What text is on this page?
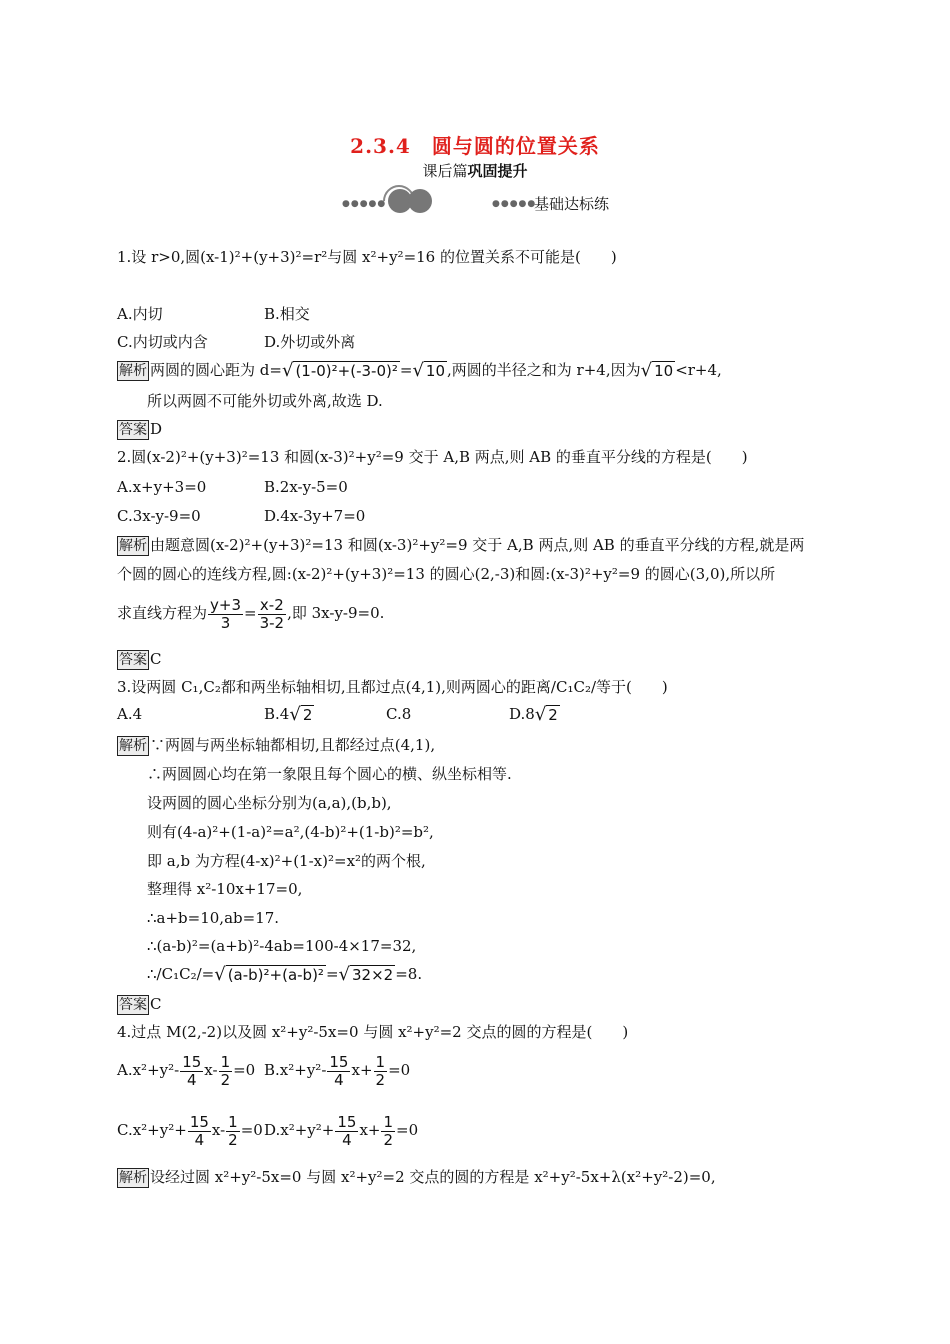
2.3.4　圆与圆的位置关系
课后篇巩固提升
●●●●●	●●●●●
基础达标练
1.设 r>0,圆(x-1)²+(y+3)²=r²与圆 x²+y²=16 的位置关系不可能是(　　)
A.内切	B.相交
C.内切或内含	D.外切或外离
解析 两圆的圆心距为 d=√ (1-0)²+(-3-0)² =√ 10 ,两圆的半径之和为 r+4,因为√ 10 <r+4,
所以两圆不可能外切或外离,故选 D.
答案 D
2.圆(x-2)²+(y+3)²=13 和圆(x-3)²+y²=9 交于 A,B 两点,则 AB 的垂直平分线的方程是(　　)
A.x+y+3=0	B.2x-y-5=0
C.3x-y-9=0	D.4x-3y+7=0
解析 由题意圆(x-2)²+(y+3)²=13 和圆(x-3)²+y²=9 交于 A,B 两点,则 AB 的垂直平分线的方程,就是两
个圆的圆心的连线方程,圆:(x-2)²+(y+3)²=13 的圆心(2,-3)和圆:(x-3)²+y²=9 的圆心(3,0),所以所
求直线方程为 $\frac{y+3}{3} = \frac{x-2}{3-2}$ ,即 3x-y-9=0.
答案 C
3.设两圆 C₁,C₂都和两坐标轴相切,且都过点(4,1),则两圆心的距离/C₁C₂/等于(　　)
A.4	B.4√ 2	C.8	D.8√ 2
解析 ∵两圆与两坐标轴都相切,且都经过点(4,1),
∴两圆圆心均在第一象限且每个圆心的横、纵坐标相等.
设两圆的圆心坐标分别为(a,a),(b,b),
则有(4-a)²+(1-a)²=a²,(4-b)²+(1-b)²=b²,
即 a,b 为方程(4-x)²+(1-x)²=x²的两个根,
整理得 x²-10x+17=0,
∴a+b=10,ab=17.
∴(a-b)²=(a+b)²-4ab=100-4×17=32,
∴/C₁C₂/=√ (a-b)²+(a-b)² =√ 32×2 =8.
答案 C
4.过点 M(2,-2)以及圆 x²+y²-5x=0 与圆 x²+y²=2 交点的圆的方程是(　　)
$A.x^2+y^2- \frac{15}{4} x- \frac{1}{2} =0$ $B.x^2+y^2- \frac{15}{4} x+ \frac{1}{2} =0$
$C.x^2+y^2+ \frac{15}{4} x- \frac{1}{2} =0$ $D.x^2+y^2+ \frac{15}{4} x+ \frac{1}{2} =0$
解析 设经过圆 x²+y²-5x=0 与圆 x²+y²=2 交点的圆的方程是 x²+y²-5x+λ(x²+y²-2)=0,
